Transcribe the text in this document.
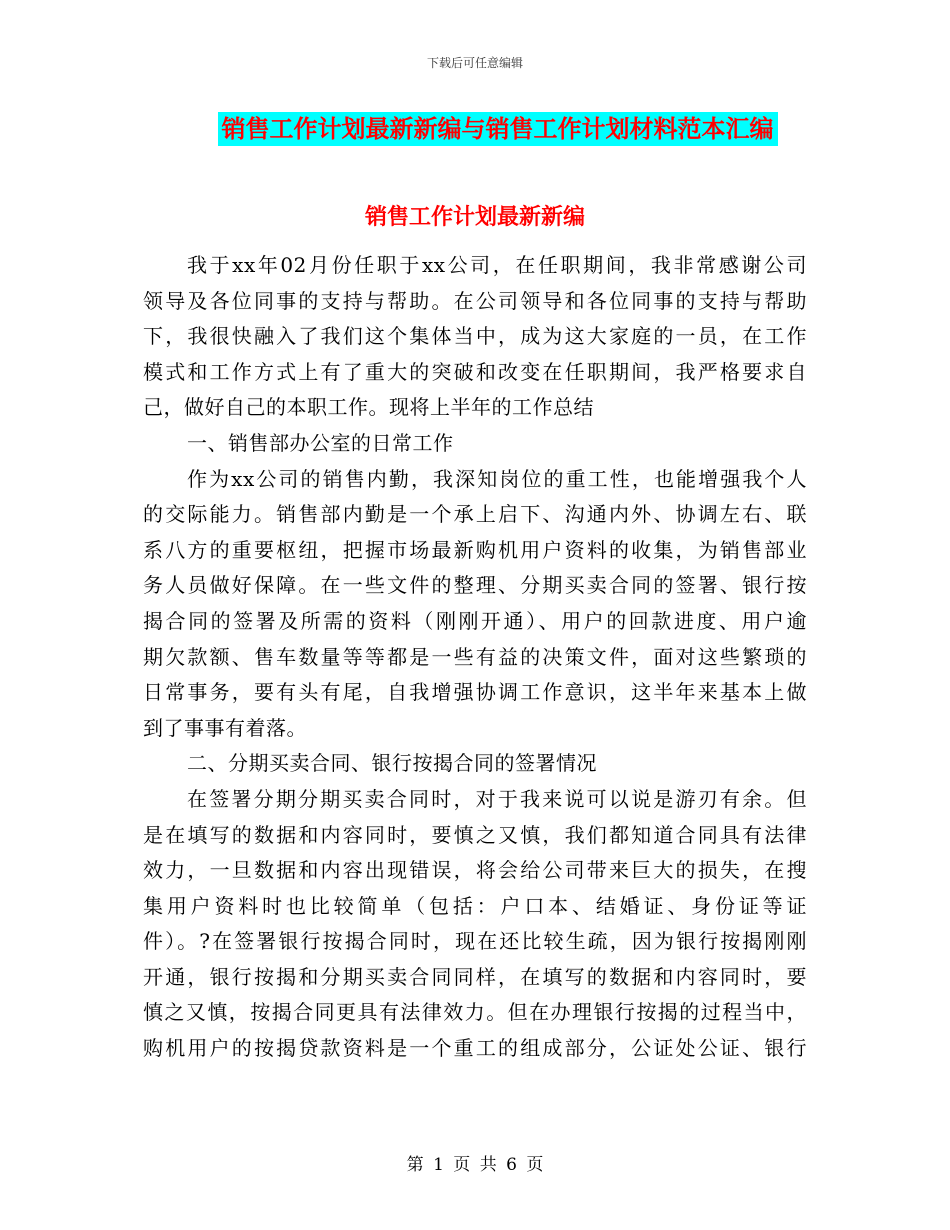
下载后可任意编辑
销售工作计划最新新编与销售工作计划材料范本汇编
销售工作计划最新新编
我于xx年02月份任职于xx公司，在任职期间，我非常感谢公司
领导及各位同事的支持与帮助。在公司领导和各位同事的支持与帮助
下，我很快融入了我们这个集体当中，成为这大家庭的一员，在工作
模式和工作方式上有了重大的突破和改变在任职期间，我严格要求自
己，做好自己的本职工作。现将上半年的工作总结
一、销售部办公室的日常工作
作为xx公司的销售内勤，我深知岗位的重工性，也能增强我个人
的交际能力。销售部内勤是一个承上启下、沟通内外、协调左右、联
系八方的重要枢纽，把握市场最新购机用户资料的收集，为销售部业
务人员做好保障。在一些文件的整理、分期买卖合同的签署、银行按
揭合同的签署及所需的资料（刚刚开通）、用户的回款进度、用户逾
期欠款额、售车数量等等都是一些有益的决策文件，面对这些繁琐的
日常事务，要有头有尾，自我增强协调工作意识，这半年来基本上做
到了事事有着落。
二、分期买卖合同、银行按揭合同的签署情况
在签署分期分期买卖合同时，对于我来说可以说是游刃有余。但
是在填写的数据和内容同时，要慎之又慎，我们都知道合同具有法律
效力，一旦数据和内容出现错误，将会给公司带来巨大的损失，在搜
集用户资料时也比较简单（包括：户口本、结婚证、身份证等证
件）。?在签署银行按揭合同时，现在还比较生疏，因为银行按揭刚刚
开通，银行按揭和分期买卖合同同样，在填写的数据和内容同时，要
慎之又慎，按揭合同更具有法律效力。但在办理银行按揭的过程当中，
购机用户的按揭贷款资料是一个重工的组成部分，公证处公证、银行
第 1 页 共 6 页
